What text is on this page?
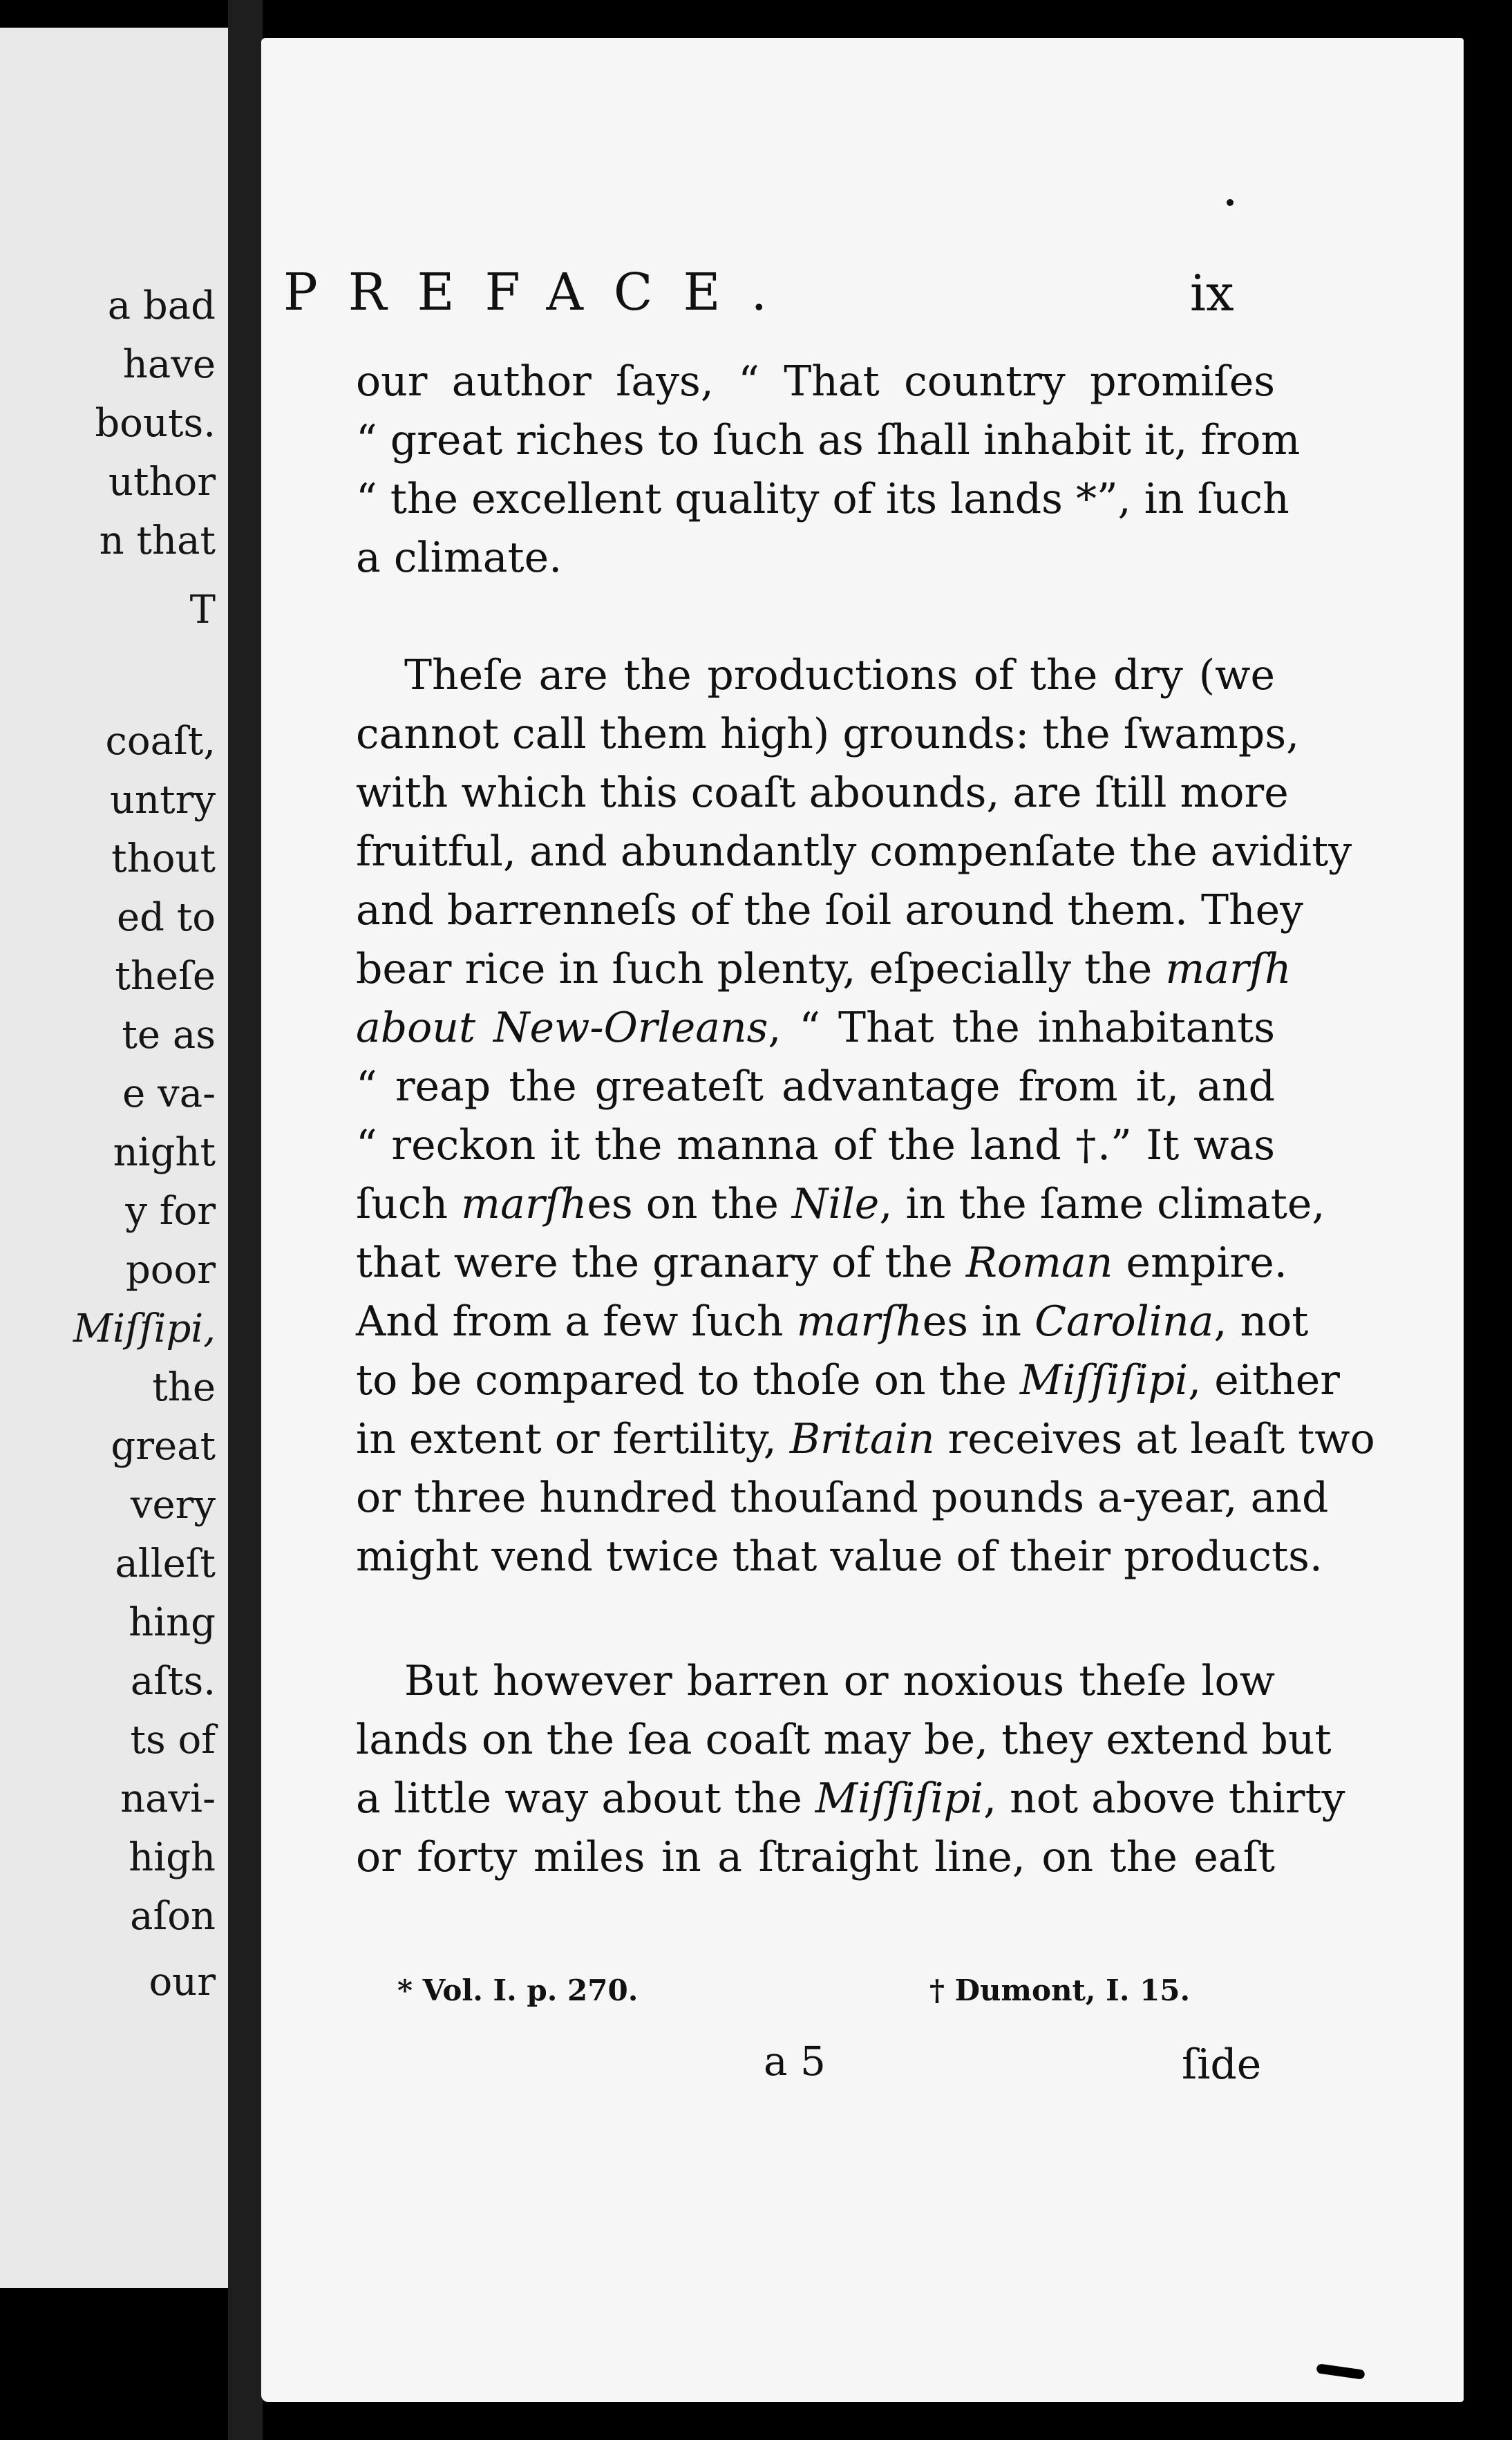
a bad
have
bouts.
uthor
n that
T
coaſt,
untry
thout
ed to
theſe
te as
e va-
night
y for
poor
Miſſipi,
the
great
very
alleſt
hing
aſts.
ts of
navi-
high
aſon
our
PREFACE.	ix
our author ſays, “ That country promiſes
“ great riches to ſuch as ſhall inhabit it, from
“ the excellent quality of its lands *”, in ſuch
a climate.
Theſe are the productions of the dry (we
cannot call them high) grounds: the ſwamps,
with which this coaſt abounds, are ſtill more
fruitful, and abundantly compenſate the avidity
and barrenneſs of the ſoil around them. They
bear rice in ſuch plenty, eſpecially the marſh
about New-Orleans, “ That the inhabitants
“ reap the greateſt advantage from it, and
“ reckon it the manna of the land †.” It was
ſuch marſhes on the Nile, in the ſame climate,
that were the granary of the Roman empire.
And from a few ſuch marſhes in Carolina, not
to be compared to thoſe on the Miſſiſipi, either
in extent or fertility, Britain receives at leaſt two
or three hundred thouſand pounds a-year, and
might vend twice that value of their products.
But however barren or noxious theſe low
lands on the ſea coaſt may be, they extend but
a little way about the Miſſiſipi, not above thirty
or forty miles in a ſtraight line, on the eaſt
* Vol. I. p. 270.	† Dumont, I. 15.
a 5	ſide
